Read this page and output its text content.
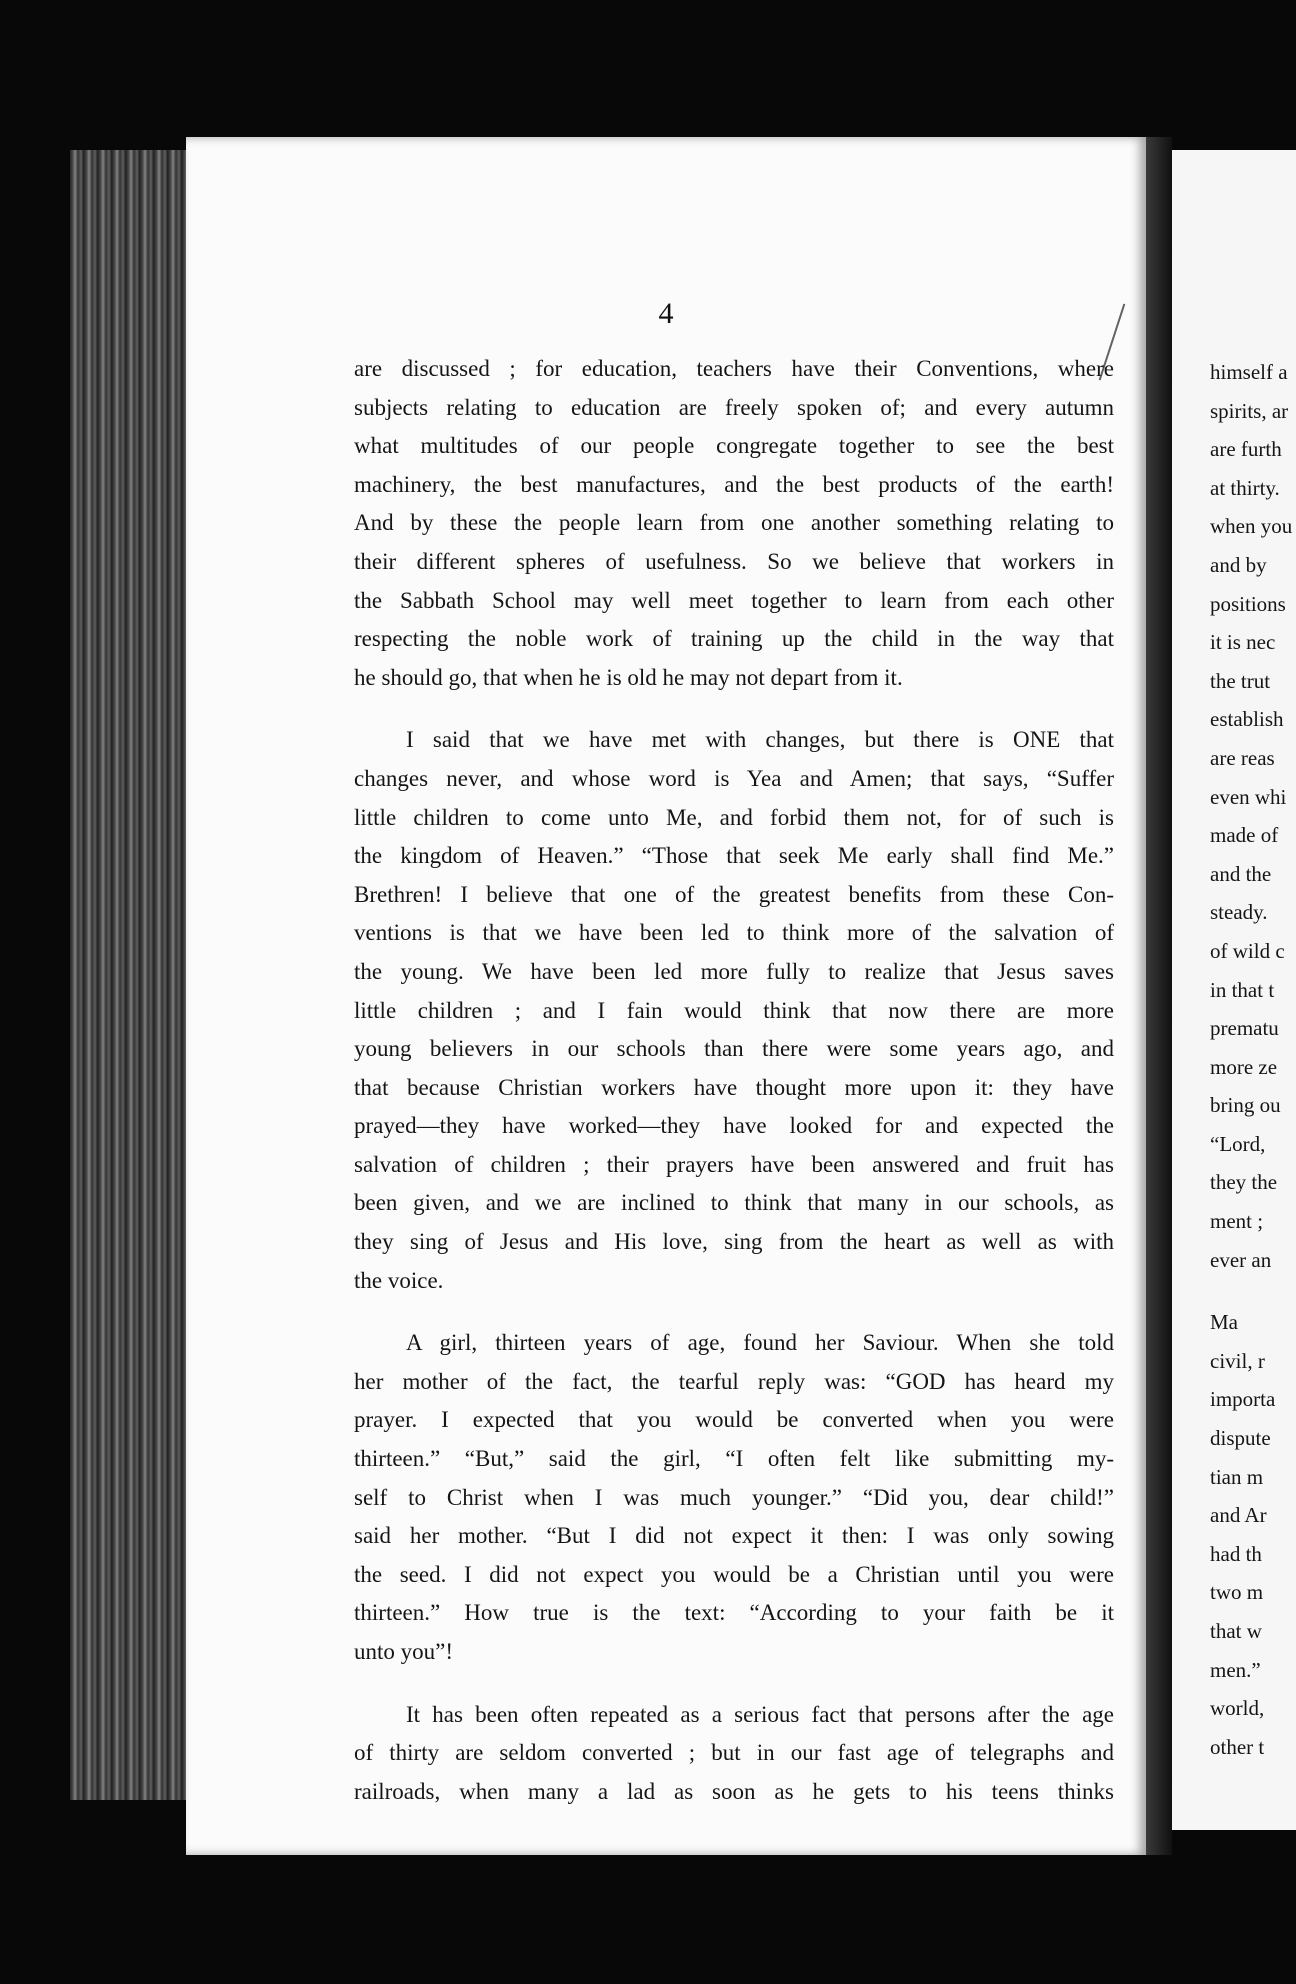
4

are discussed ; for education, teachers have their Conventions, where
subjects relating to education are freely spoken of; and every autumn
what multitudes of our people congregate together to see the best
machinery, the best manufactures, and the best products of the earth!
And by these the people learn from one another something relating to
their different spheres of usefulness. So we believe that workers in
the Sabbath School may well meet together to learn from each other
respecting the noble work of training up the child in the way that
he should go, that when he is old he may not depart from it.

I said that we have met with changes, but there is ONE that
changes never, and whose word is Yea and Amen; that says, “Suffer
little children to come unto Me, and forbid them not, for of such is
the kingdom of Heaven.” “Those that seek Me early shall find Me.”
Brethren! I believe that one of the greatest benefits from these Con-
ventions is that we have been led to think more of the salvation of
the young. We have been led more fully to realize that Jesus saves
little children ; and I fain would think that now there are more
young believers in our schools than there were some years ago, and
that because Christian workers have thought more upon it: they have
prayed—they have worked—they have looked for and expected the
salvation of children ; their prayers have been answered and fruit has
been given, and we are inclined to think that many in our schools, as
they sing of Jesus and His love, sing from the heart as well as with
the voice.

A girl, thirteen years of age, found her Saviour. When she told
her mother of the fact, the tearful reply was: “GOD has heard my
prayer. I expected that you would be converted when you were
thirteen.” “But,” said the girl, “I often felt like submitting my-
self to Christ when I was much younger.” “Did you, dear child!”
said her mother. “But I did not expect it then: I was only sowing
the seed. I did not expect you would be a Christian until you were
thirteen.” How true is the text: “According to your faith be it
unto you”!

It has been often repeated as a serious fact that persons after the age
of thirty are seldom converted ; but in our fast age of telegraphs and
railroads, when many a lad as soon as he gets to his teens thinks

himself a
spirits, ar
are furth
at thirty.
when you
and by
positions
it is nec
the trut
establish
are reas
even whi
made of
and the
steady.
of wild c
in that t
prematu
more ze
bring ou
“Lord,
they the
ment ;
ever an
Ma
civil, r
importa
dispute
tian m
and Ar
had th
two m
that w
men.”
world,
other t
